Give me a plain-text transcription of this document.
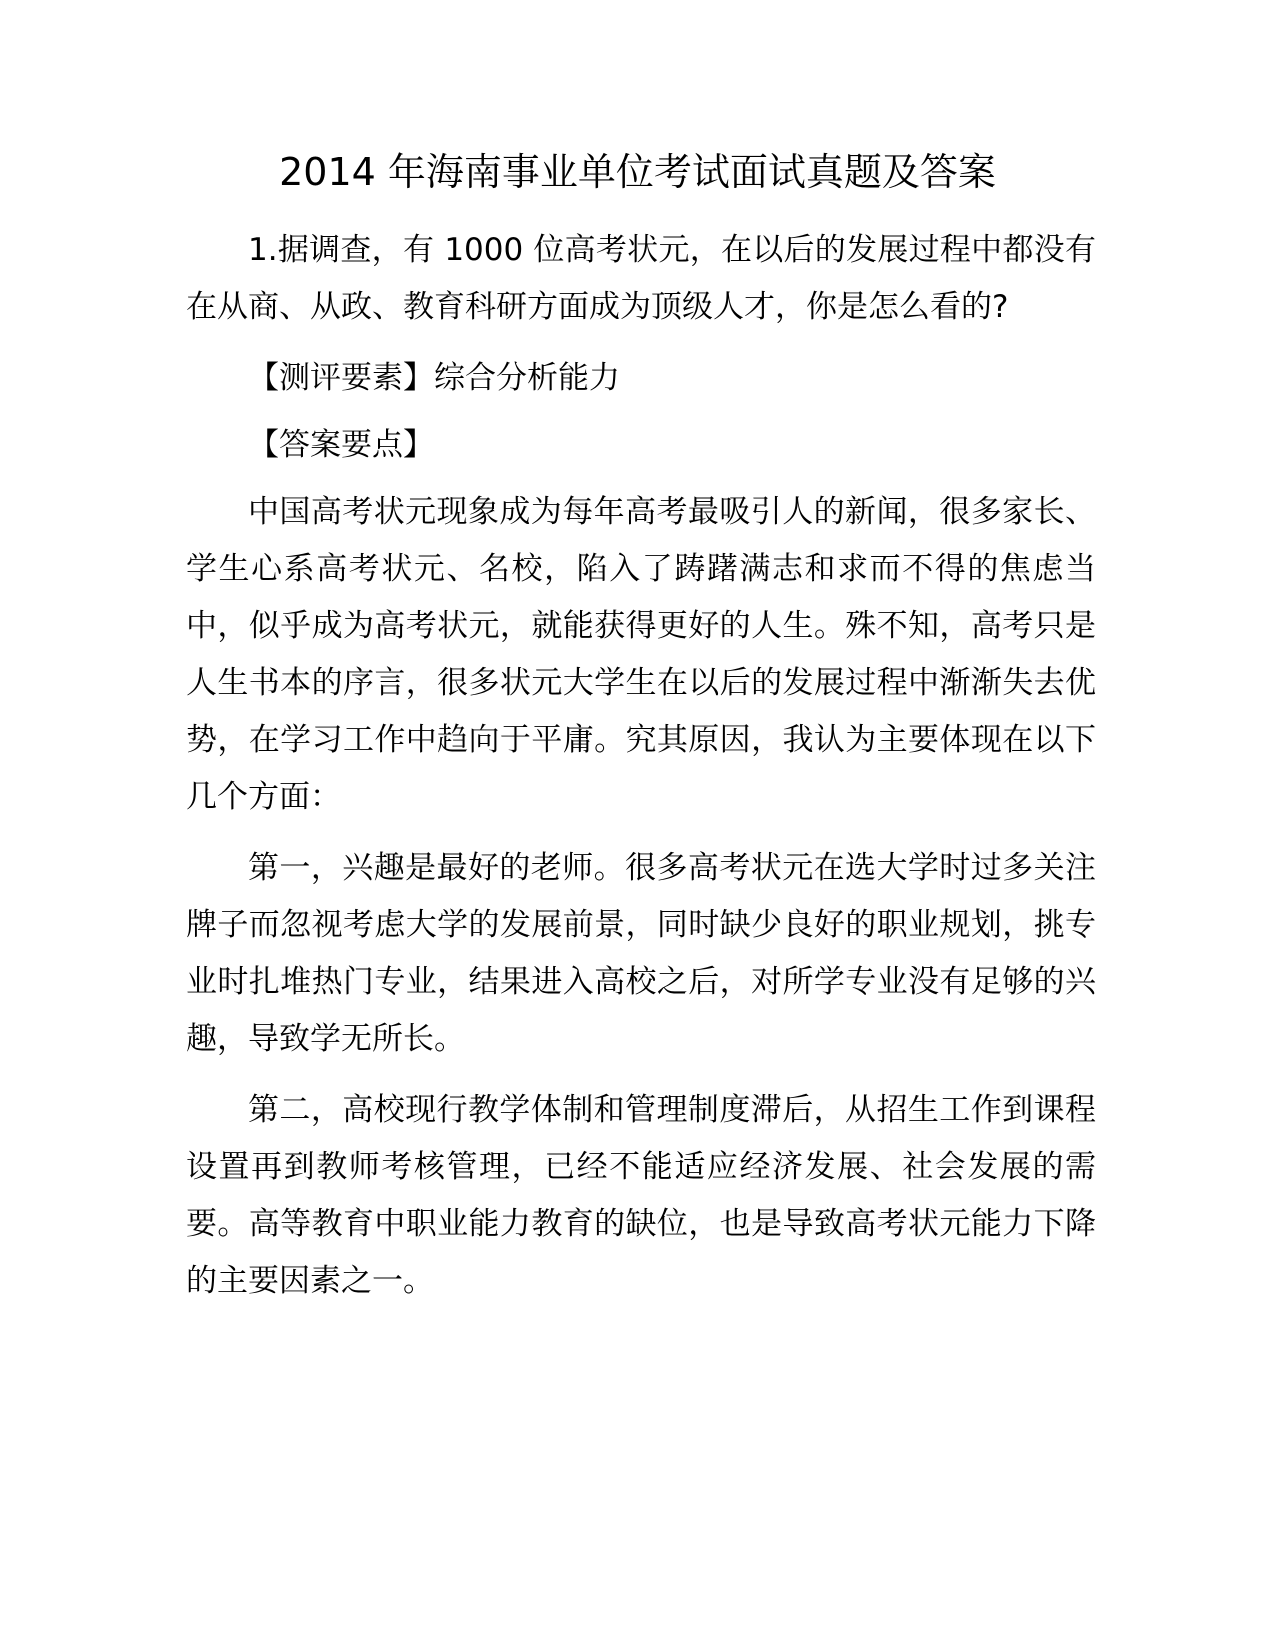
2014 年海南事业单位考试面试真题及答案

1.据调查，有 1000 位高考状元，在以后的发展过程中都没有在从商、从政、教育科研方面成为顶级人才，你是怎么看的?

【测评要素】综合分析能力

【答案要点】

中国高考状元现象成为每年高考最吸引人的新闻，很多家长、学生心系高考状元、名校，陷入了踌躇满志和求而不得的焦虑当中，似乎成为高考状元，就能获得更好的人生。殊不知，高考只是人生书本的序言，很多状元大学生在以后的发展过程中渐渐失去优势，在学习工作中趋向于平庸。究其原因，我认为主要体现在以下几个方面：

第一，兴趣是最好的老师。很多高考状元在选大学时过多关注牌子而忽视考虑大学的发展前景，同时缺少良好的职业规划，挑专业时扎堆热门专业，结果进入高校之后，对所学专业没有足够的兴趣，导致学无所长。

第二，高校现行教学体制和管理制度滞后，从招生工作到课程设置再到教师考核管理，已经不能适应经济发展、社会发展的需要。高等教育中职业能力教育的缺位，也是导致高考状元能力下降的主要因素之一。
